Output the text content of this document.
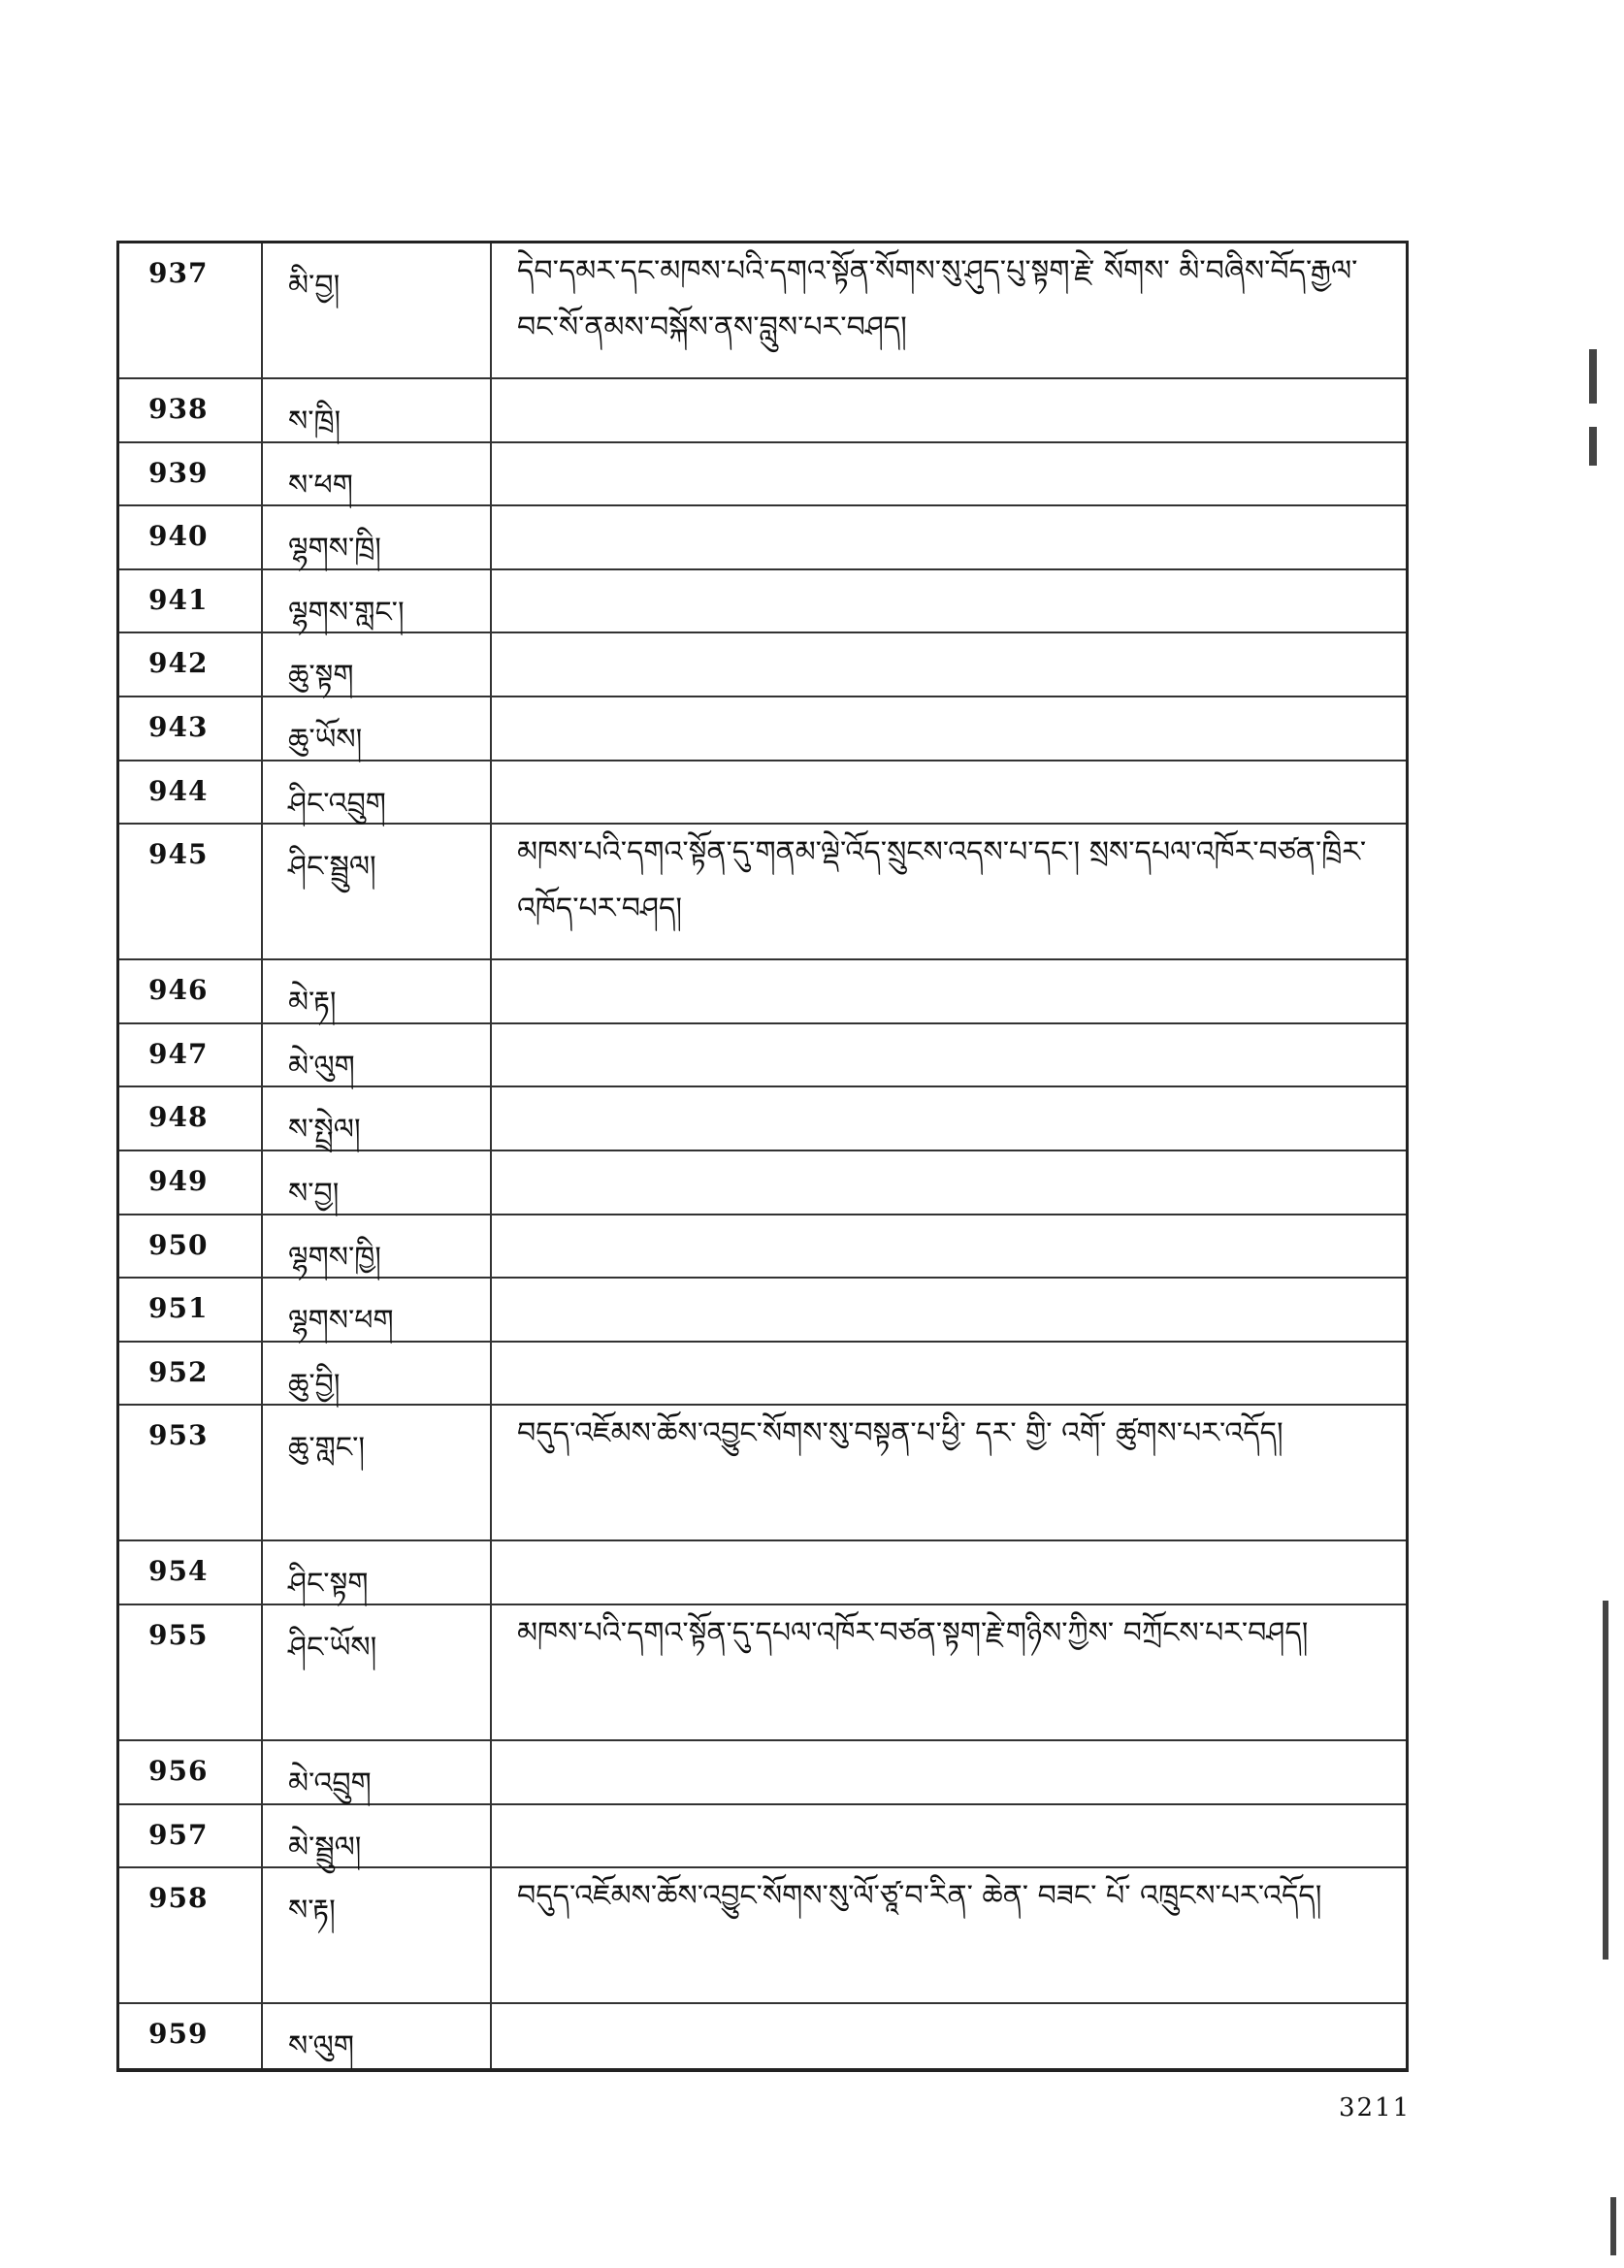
937	མི་བྱ།	དེབ་དམར་དང་མཁས་པའི་དགའ་སྟོན་སོགས་སུ་ཤུད་པུ་སྟག་རྗེ་ སོགས་ མི་བཞིས་བོད་རྒྱལ་བང་སོ་ནམས་བསྐོས་ནས་བླུས་པར་བཤད།
938	ས་ཁྲི།
939	ས་ཕག
940	ལྷགས་ཁྲི།
941	ལྷགས་གླང་།
942	ཆུ་སྟག
943	ཆུ་ཡོས།
944	ཤིང་འབྲུག
945	ཤིང་སྦྲུལ།	མཁས་པའི་དགའ་སྟོན་དུ་གནམ་ལྡེ་འོད་སྲུངས་འདས་པ་དང་། སྲས་དཔལ་འཁོར་བཙན་ཁྲིར་འཁོད་པར་བཤད།
946	མེ་རྟ།
947	མེ་ལུག
948	ས་སྤྲེལ།
949	ས་བྱ།
950	ལྷགས་ཁྱི།
951	ལྷགས་ཕག
952	ཆུ་བྱི།
953	ཆུ་གླང་།	བདུད་འཇོམས་ཆོས་འབྱུང་སོགས་སུ་བསྟན་པ་ཕྱི་ དར་ གྱི་ འགོ་ ཚུགས་པར་འདོད།
954	ཤིང་སྟག
955	ཤིང་ཡོས།	མཁས་པའི་དགའ་སྟོན་དུ་དཔལ་འཁོར་བཙན་སྟག་རྗེ་གཉིས་ཀྱིས་ བཀྲོངས་པར་བཤད།
956	མེ་འབྲུག
957	མེ་སྦྲུལ།
958	ས་རྟ།	བདུད་འཇོམས་ཆོས་འབྱུང་སོགས་སུ་ལོ་ཙཱ་བ་རིན་ ཆེན་ བཟང་ པོ་ འཁྲུངས་པར་འདོད།
959	ས་ལུག
3211
